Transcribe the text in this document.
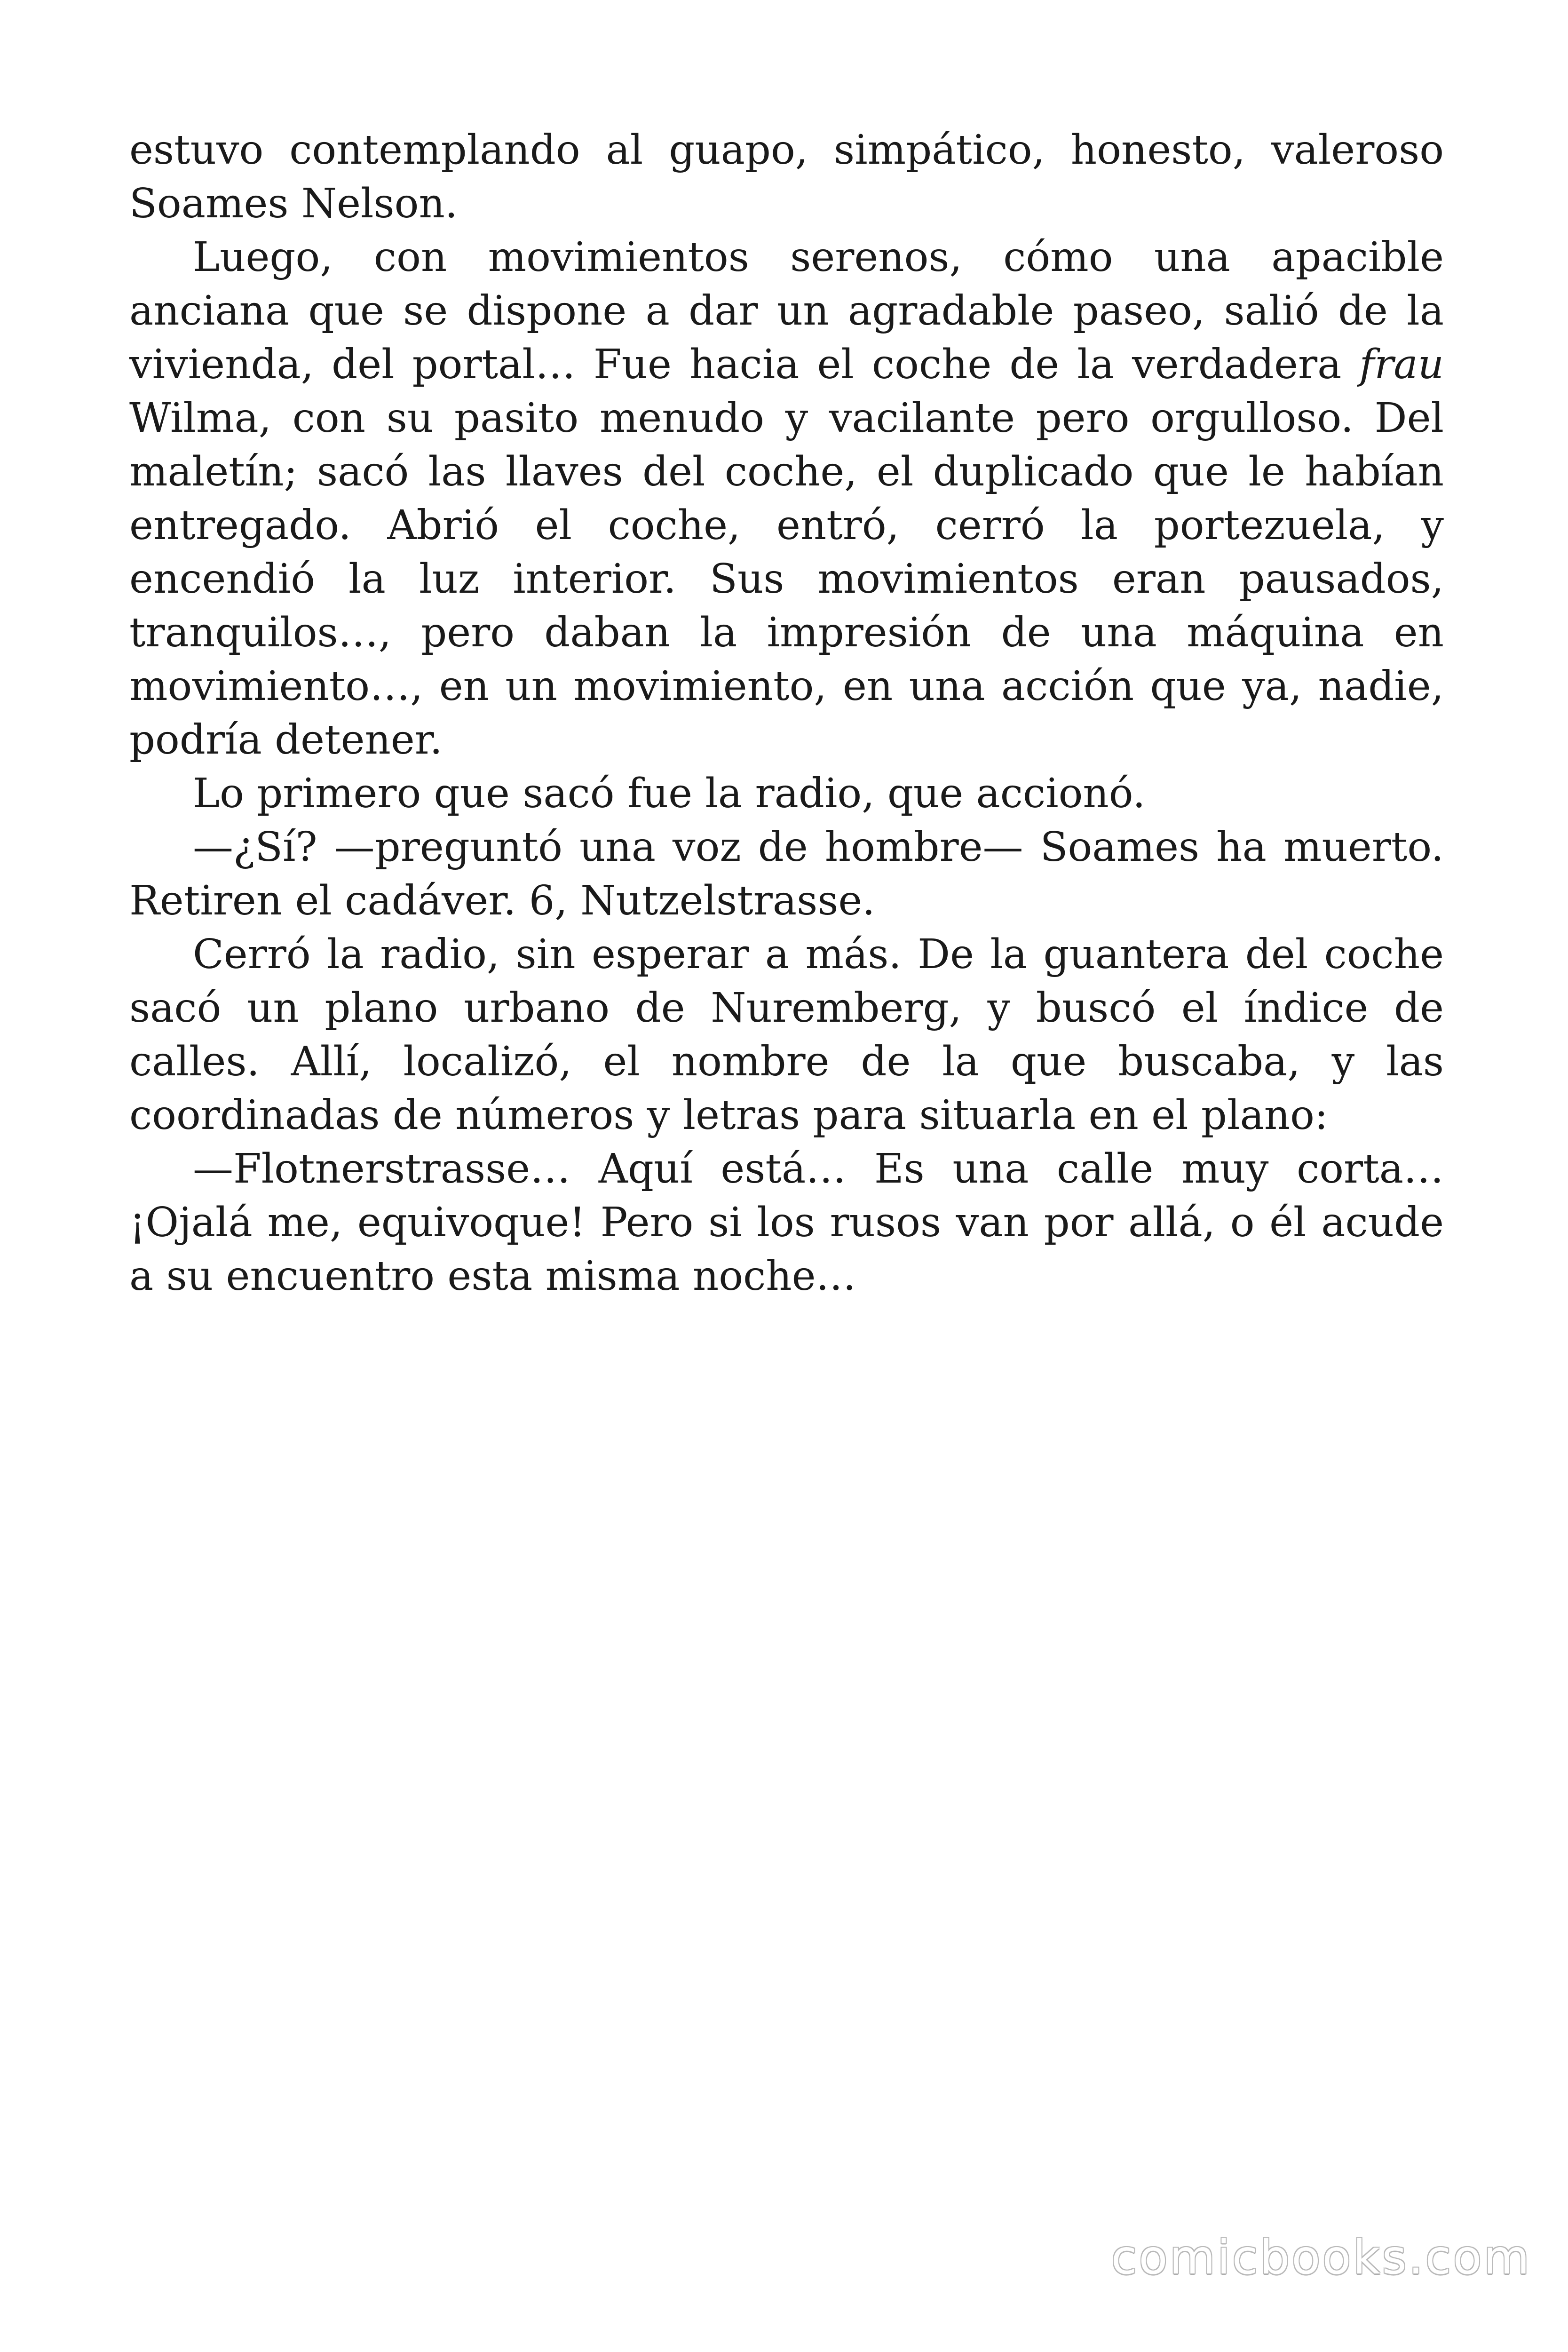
estuvo contemplando al guapo, simpático, honesto, valeroso Soames Nelson.

Luego, con movimientos serenos, cómo una apacible anciana que se dispone a dar un agradable paseo, salió de la vivienda, del portal… Fue hacia el coche de la verdadera frau Wilma, con su pasito menudo y vacilante pero orgulloso. Del maletín; sacó las llaves del coche, el duplicado que le habían entregado. Abrió el coche, entró, cerró la portezuela, y encendió la luz interior. Sus movimientos eran pausados, tranquilos…, pero daban la impresión de una máquina en movimiento…, en un movimiento, en una acción que ya, nadie, podría detener.

Lo primero que sacó fue la radio, que accionó.

—¿Sí? —preguntó una voz de hombre— Soames ha muerto. Retiren el cadáver. 6, Nutzelstrasse.

Cerró la radio, sin esperar a más. De la guantera del coche sacó un plano urbano de Nuremberg, y buscó el índice de calles. Allí, localizó, el nombre de la que buscaba, y las coordinadas de números y letras para situarla en el plano:

—Flotnerstrasse… Aquí está… Es una calle muy corta… ¡Ojalá me, equivoque! Pero si los rusos van por allá, o él acude a su encuentro esta misma noche…

comicbooks.com
